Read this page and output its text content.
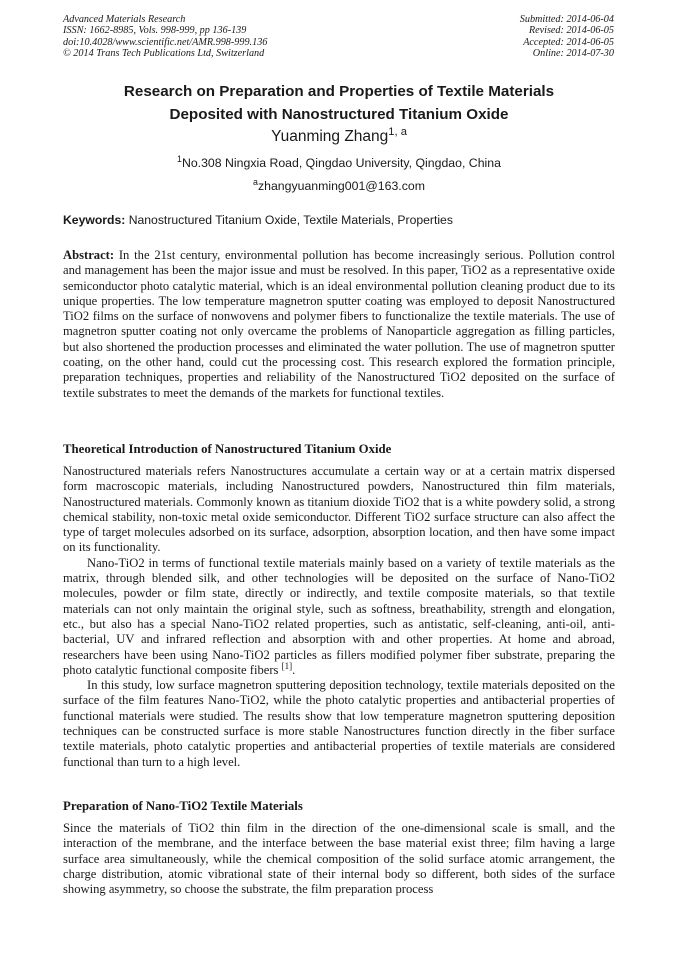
Advanced Materials Research
ISSN: 1662-8985, Vols. 998-999, pp 136-139
doi:10.4028/www.scientific.net/AMR.998-999.136
© 2014 Trans Tech Publications Ltd, Switzerland
Submitted: 2014-06-04
Revised: 2014-06-05
Accepted: 2014-06-05
Online: 2014-07-30
Research on Preparation and Properties of Textile Materials
Deposited with Nanostructured Titanium Oxide
Yuanming Zhang$^{1, a}$
$^1$No.308 Ningxia Road, Qingdao University, Qingdao, China
$^a$zhangyuanming001@163.com
Keywords: Nanostructured Titanium Oxide, Textile Materials, Properties

Abstract: In the 21st century, environmental pollution has become increasingly serious. Pollution control and management has been the major issue and must be resolved. In this paper, TiO2 as a representative oxide semiconductor photo catalytic material, which is an ideal environmental pollution cleaning product due to its unique properties. The low temperature magnetron sputter coating was employed to deposit Nanostructured TiO2 films on the surface of nonwovens and polymer fibers to functionalize the textile materials. The use of magnetron sputter coating not only overcame the problems of Nanoparticle aggregation as filling particles, but also shortened the production processes and eliminated the water pollution. The use of magnetron sputter coating, on the other hand, could cut the processing cost. This research explored the formation principle, preparation techniques, properties and reliability of the Nanostructured TiO2 deposited on the surface of textile substrates to meet the demands of the markets for functional textiles.

Theoretical Introduction of Nanostructured Titanium Oxide

Nanostructured materials refers Nanostructures accumulate a certain way or at a certain matrix dispersed form macroscopic materials, including Nanostructured powders, Nanostructured thin film materials, Nanostructured materials. Commonly known as titanium dioxide TiO2 that is a white powdery solid, a strong chemical stability, non-toxic metal oxide semiconductor. Different TiO2 surface structure can also affect the type of target molecules adsorbed on its surface, adsorption, absorption location, and then have some impact on its functionality.

Nano-TiO2 in terms of functional textile materials mainly based on a variety of textile materials as the matrix, through blended silk, and other technologies will be deposited on the surface of Nano-TiO2 molecules, powder or film state, directly or indirectly, and textile composite materials, so that textile materials can not only maintain the original style, such as softness, breathability, strength and elongation, etc., but also has a special Nano-TiO2 related properties, such as antistatic, self-cleaning, anti-oil, anti-bacterial, UV and infrared reflection and absorption with and other properties. At home and abroad, researchers have been using Nano-TiO2 particles as fillers modified polymer fiber substrate, preparing the photo catalytic functional composite fibers [1].

In this study, low surface magnetron sputtering deposition technology, textile materials deposited on the surface of the film features Nano-TiO2, while the photo catalytic properties and antibacterial properties of functional materials were studied. The results show that low temperature magnetron sputtering deposition techniques can be constructed surface is more stable Nanostructures function directly in the fiber surface textile materials, photo catalytic properties and antibacterial properties of textile materials are considered functional than turn to a high level.

Preparation of Nano-TiO2 Textile Materials

Since the materials of TiO2 thin film in the direction of the one-dimensional scale is small, and the interaction of the membrane, and the interface between the base material exist three; film having a large surface area simultaneously, while the chemical composition of the solid surface atomic arrangement, the charge distribution, atomic vibrational state of their internal body so different, both sides of the surface showing asymmetry, so choose the substrate, the film preparation process
